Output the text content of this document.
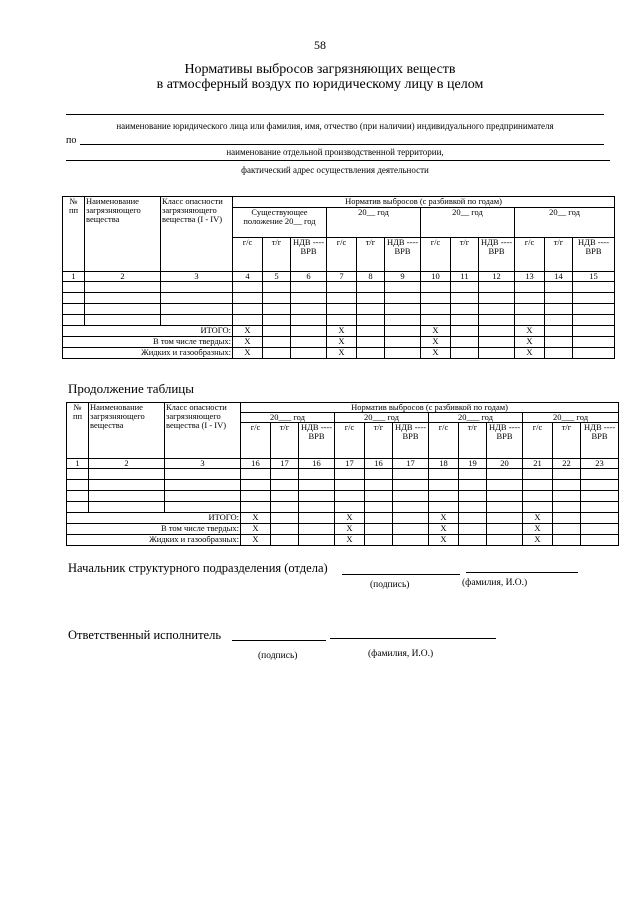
58
Нормативы выбросов загрязняющих веществ
в атмосферный воздух по юридическому лицу в целом
наименование юридического лица или фамилия, имя, отчество (при наличии) индивидуального предпринимателя
по
наименование отдельной производственной территории,
фактический адрес осуществления деятельности
№ пп	Наименование загрязняющего вещества	Класс опасности загрязняющего вещества (I - IV)	Норматив выбросов (с разбивкой по годам)											
			Существующее положение 20__ год			20__ год			20__ год			20__ год		
			г/с	т/г	НДВ ---- ВРВ	г/с	т/г	НДВ ---- ВРВ	г/с	т/г	НДВ ---- ВРВ	г/с	т/г	НДВ ---- ВРВ
1	2	3	4	5	6	7	8	9	10	11	12	13	14	15

ИТОГО:			X			X			X			X		
В том числе твердых:			X			X			X			X		
Жидких и газообразных:			X			X			X			X		
Продолжение таблицы
№ пп	Наименование загрязняющего вещества	Класс опасности загрязняющего вещества (I - IV)	Норматив выбросов (с разбивкой по годам)											
			20___ год			20___ год			20___ год			20___ год		
			г/с	т/г	НДВ ---- ВРВ	г/с	т/г	НДВ ---- ВРВ	г/с	т/г	НДВ ---- ВРВ	г/с	т/г	НДВ ---- ВРВ
1	2	3	16	17	16	17	16	17	18	19	20	21	22	23

ИТОГО:			X			X			X			X		
В том числе твердых:			X			X			X			X		
Жидких и газообразных:			X			X			X			X		
Начальник структурного подразделения (отдела)
(подпись)	(фамилия, И.О.)
Ответственный исполнитель
(подпись)	(фамилия, И.О.)
